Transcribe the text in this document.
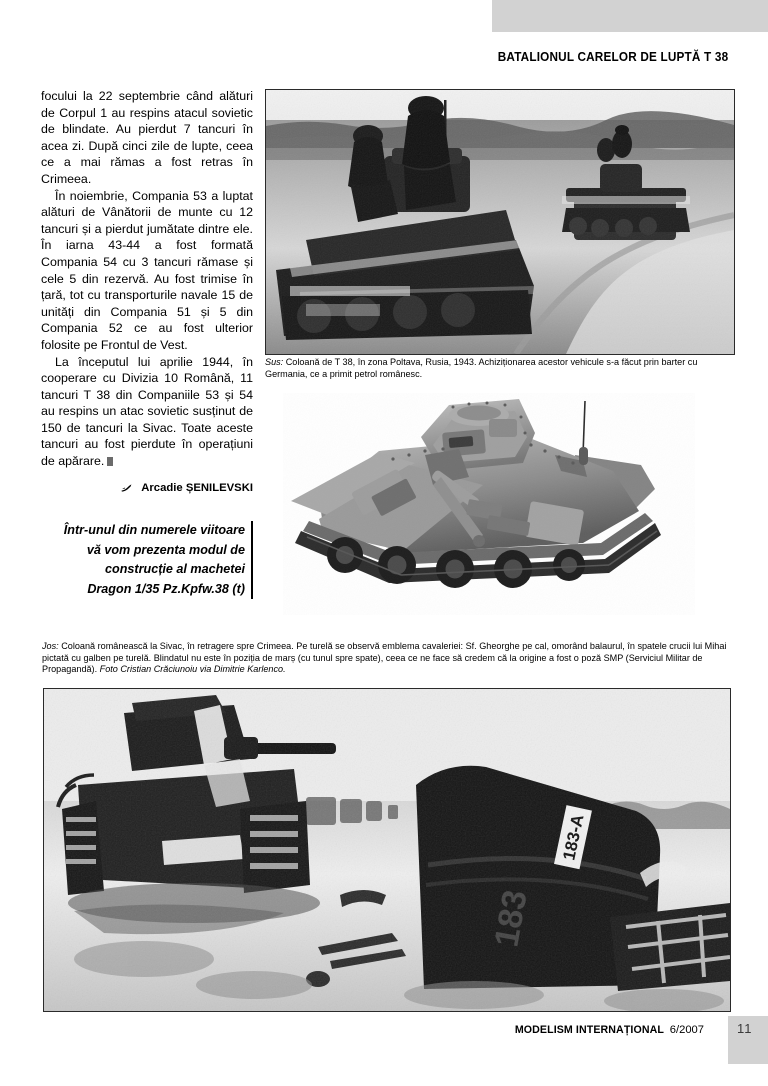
BATALIONUL CARELOR DE LUPTĂ T 38

focului la 22 septembrie când alături de Corpul 1 au respins atacul sovietic de blindate. Au pierdut 7 tancuri în acea zi. După cinci zile de lupte, ceea ce a mai rămas a fost retras în Crimeea.

În noiembrie, Compania 53 a luptat alături de Vânătorii de munte cu 12 tancuri și a pierdut jumătate dintre ele. În iarna 43-44 a fost formată Compania 54 cu 3 tancuri rămase și cele 5 din rezervă. Au fost trimise în țară, tot cu transporturile navale 15 de unități din Compania 51 și 5 din Compania 52 ce au fost ulterior folosite pe Frontul de Vest.

La începutul lui aprilie 1944, în cooperare cu Divizia 10 Română, 11 tancuri T 38 din Companiile 53 și 54 au respins un atac sovietic susținut de 150 de tancuri la Sivac. Toate aceste tancuri au fost pierdute în operațiuni de apărare.

Arcadie ȘENILEVSKI
Într-unul din numerele viitoare
vă vom prezenta modul de
construcție al machetei
Dragon 1/35 Pz.Kpfw.38 (t)
Sus: Coloană de T 38, în zona Poltava, Rusia, 1943. Achiziționarea acestor vehicule s-a făcut prin barter cu Germania, ce a primit petrol românesc.
Jos: Coloană românească la Sivac, în retragere spre Crimeea. Pe turelă se observă emblema cavaleriei: Sf. Gheorghe pe cal, omorând balaurul, în spatele crucii lui Mihai pictată cu galben pe turelă. Blindatul nu este în poziția de marș (cu tunul spre spate), ceea ce ne face să credem că la origine a fost o poză SMP (Serviciul Militar de Propagandă). Foto Cristian Crăciunoiu via Dimitrie Karlenco.
MODELISM INTERNAȚIONAL 6/2007	11
